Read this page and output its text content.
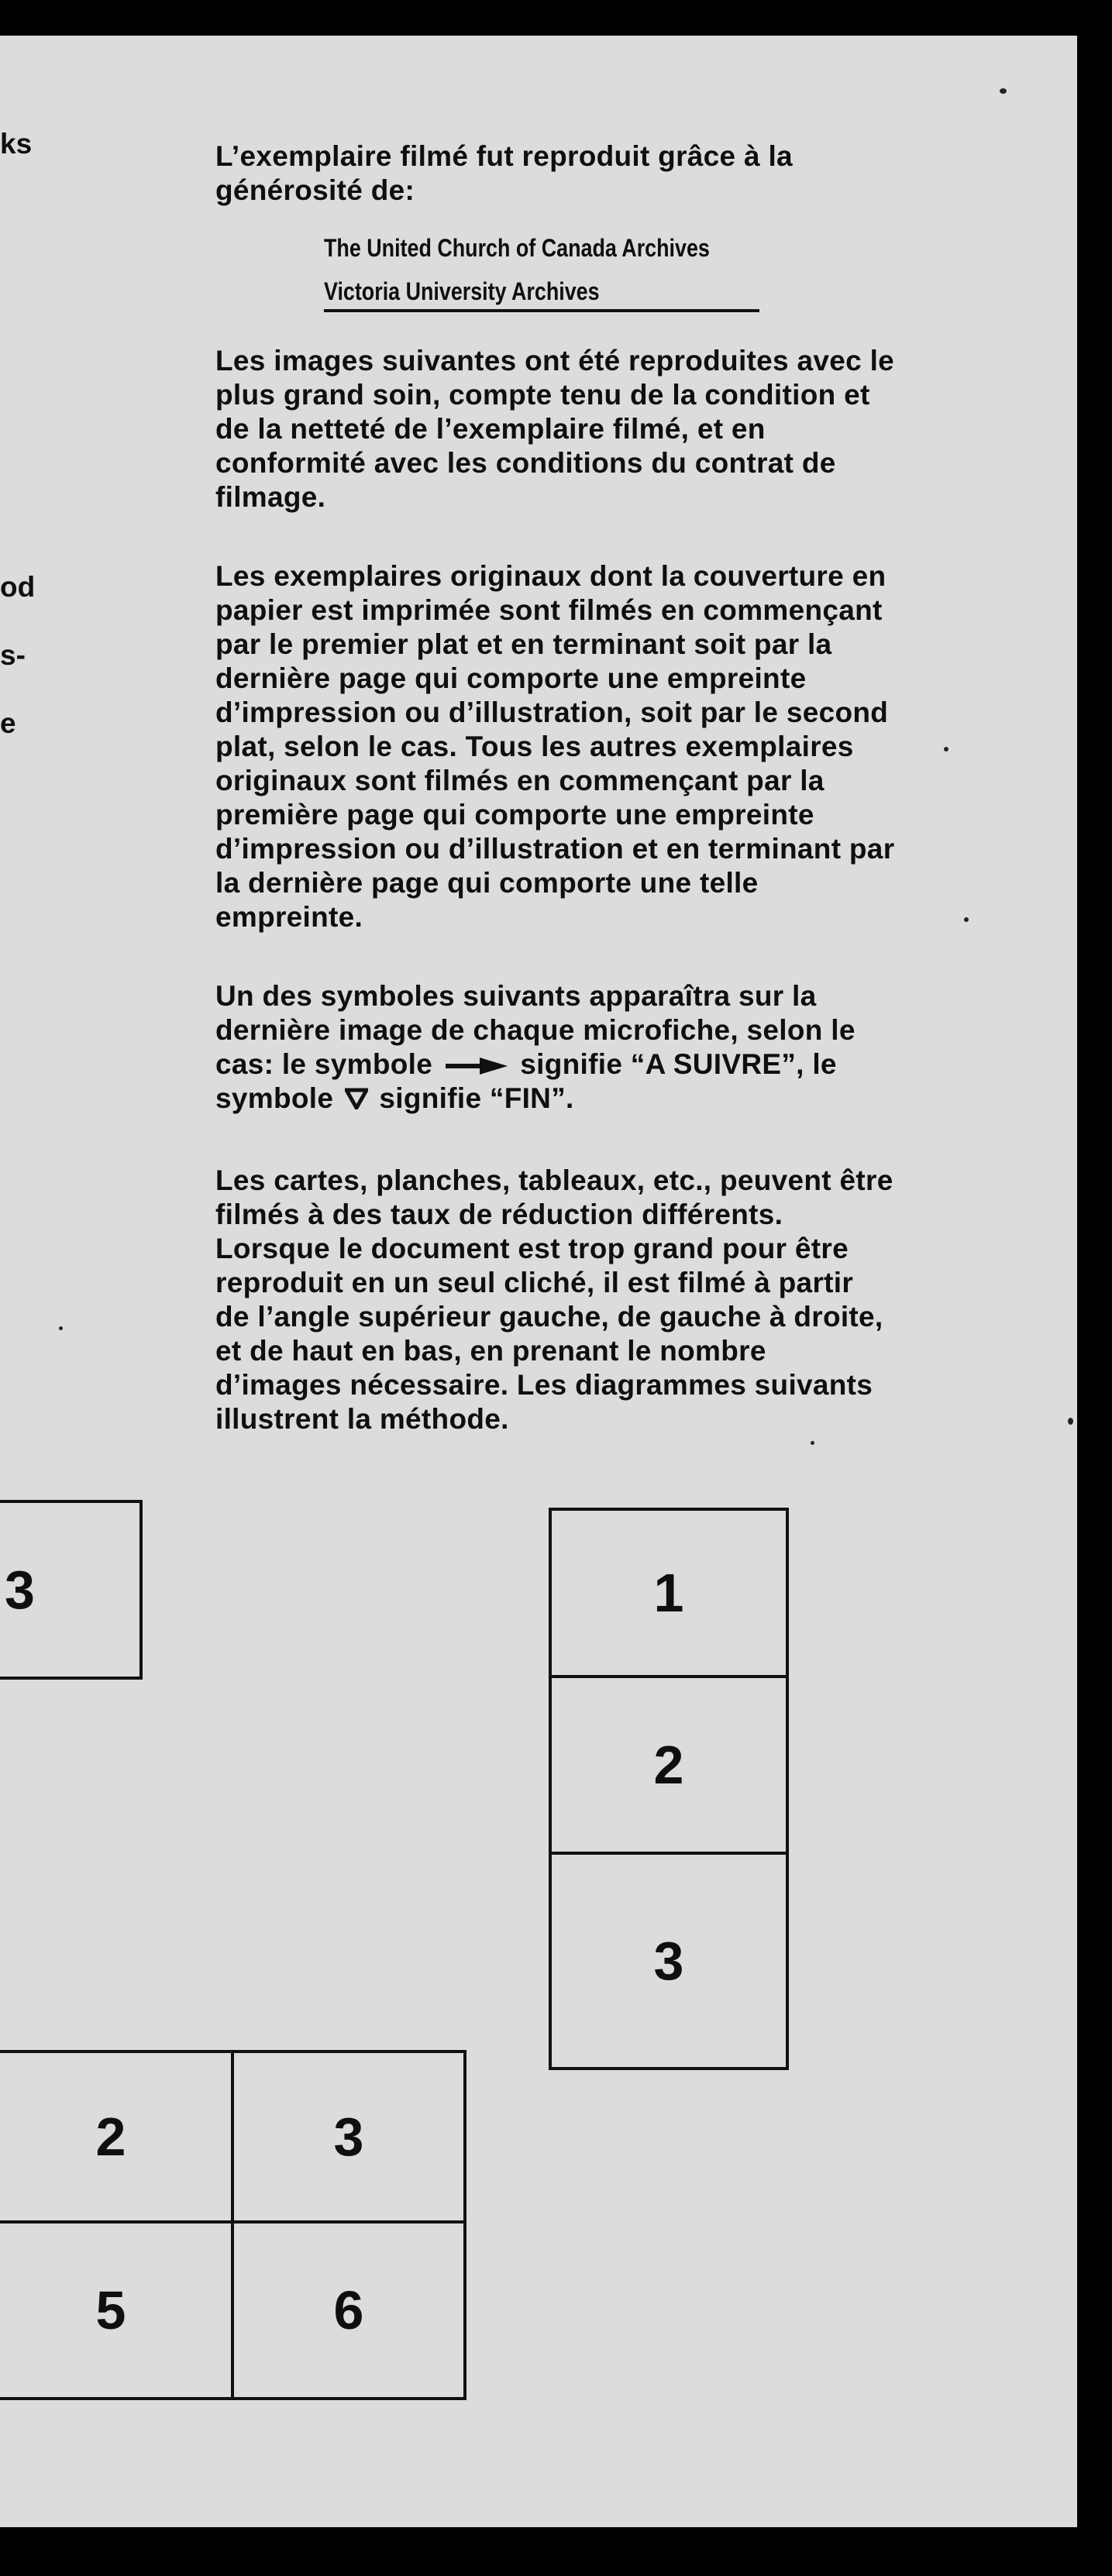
ks
od
s-
e
L’exemplaire filmé fut reproduit grâce à la
générosité de:
The United Church of Canada Archives
Victoria University Archives
Les images suivantes ont été reproduites avec le
plus grand soin, compte tenu de la condition et
de la netteté de l’exemplaire filmé, et en
conformité avec les conditions du contrat de
filmage.
Les exemplaires originaux dont la couverture en
papier est imprimée sont filmés en commençant
par le premier plat et en terminant soit par la
dernière page qui comporte une empreinte
d’impression ou d’illustration, soit par le second
plat, selon le cas. Tous les autres exemplaires
originaux sont filmés en commençant par la
première page qui comporte une empreinte
d’impression ou d’illustration et en terminant par
la dernière page qui comporte une telle
empreinte.
Un des symboles suivants apparaîtra sur la
dernière image de chaque microfiche, selon le
cas: le symbole	signifie “A SUIVRE”, le
symbole signifie “FIN”.
Les cartes, planches, tableaux, etc., peuvent être
filmés à des taux de réduction différents.
Lorsque le document est trop grand pour être
reproduit en un seul cliché, il est filmé à partir
de l’angle supérieur gauche, de gauche à droite,
et de haut en bas, en prenant le nombre
d’images nécessaire. Les diagrammes suivants
illustrent la méthode.
3	1
2
3
2	3
5	6
